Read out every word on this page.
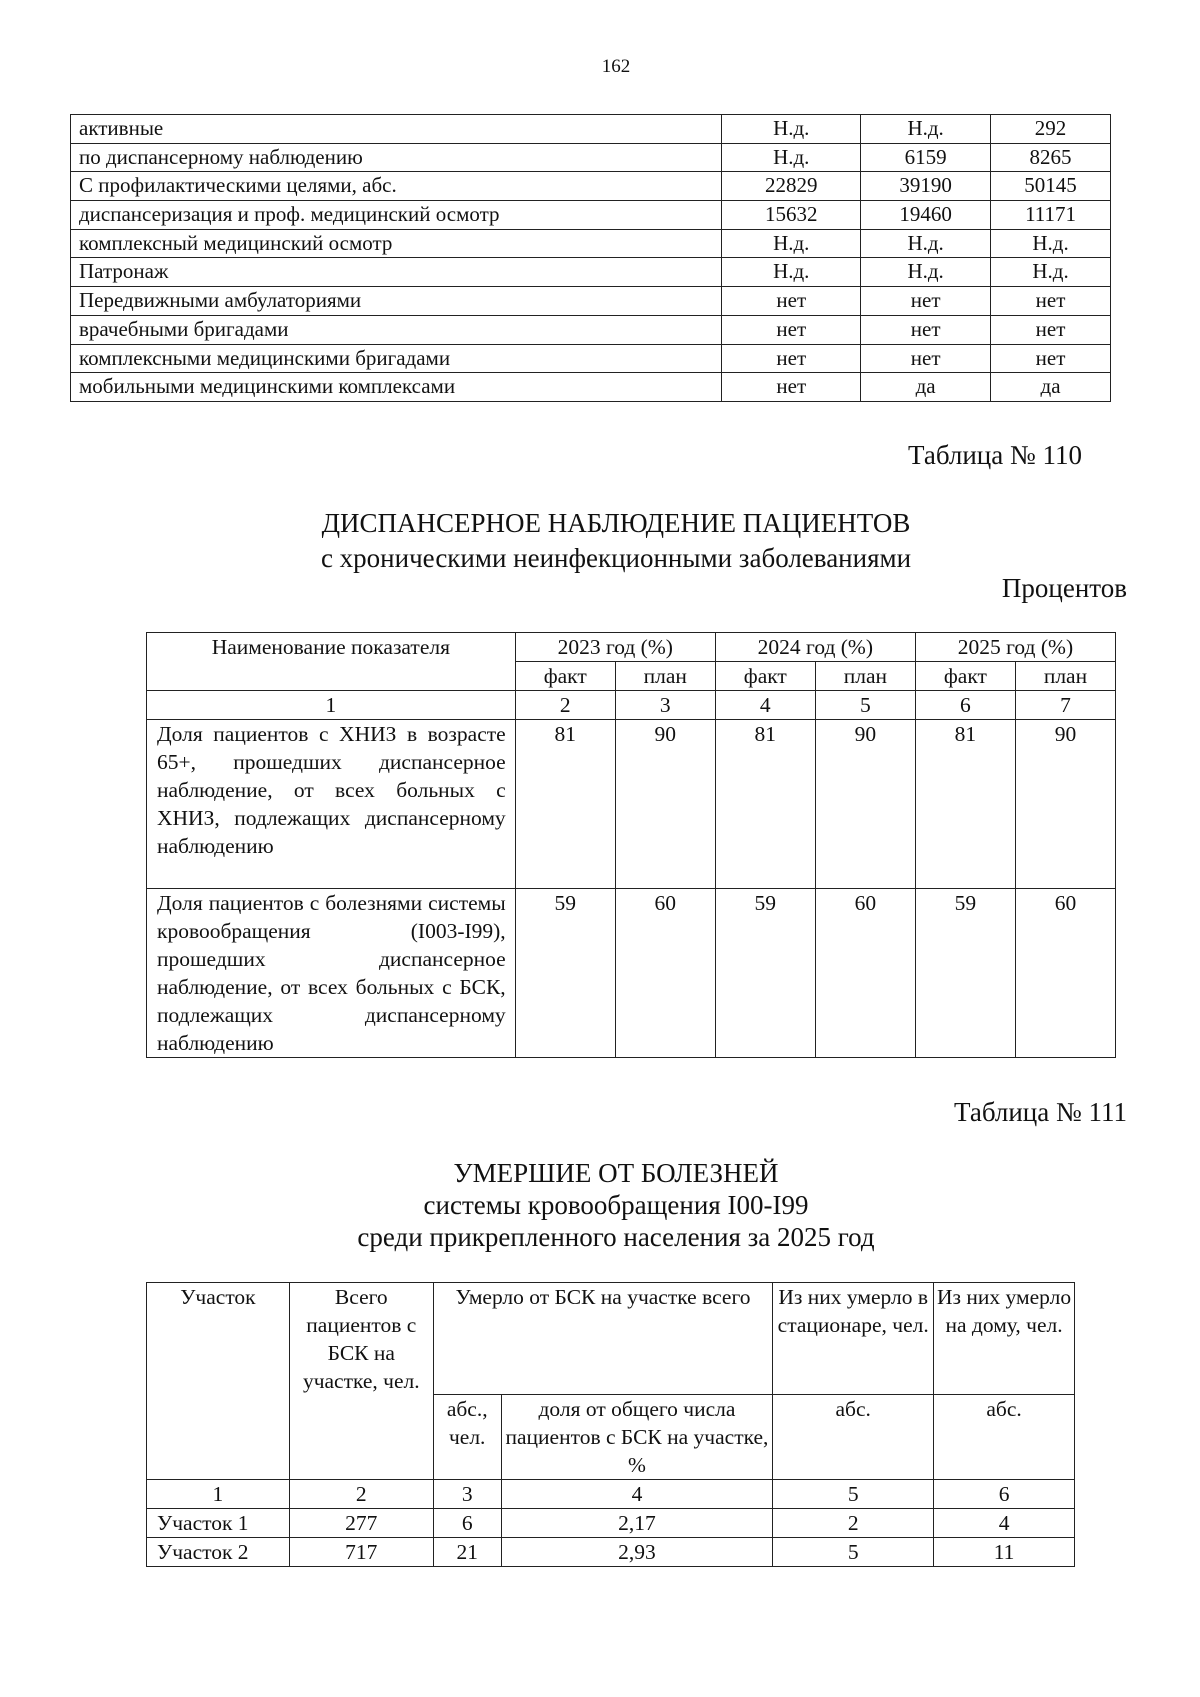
162
активные	Н.д.	Н.д.	292
по диспансерному наблюдению	Н.д.	6159	8265
С профилактическими целями, абс.	22829	39190	50145
диспансеризация и проф. медицинский осмотр	15632	19460	11171
комплексный медицинский осмотр	Н.д.	Н.д.	Н.д.
Патронаж	Н.д.	Н.д.	Н.д.
Передвижными амбулаториями	нет	нет	нет
врачебными бригадами	нет	нет	нет
комплексными медицинскими бригадами	нет	нет	нет
мобильными медицинскими комплексами	нет	да	да
Таблица № 110
ДИСПАНСЕРНОЕ НАБЛЮДЕНИЕ ПАЦИЕНТОВ
с хроническими неинфекционными заболеваниями
Процентов
Наименование показателя	2023 год (%)		2024 год (%)		2025 год (%)	
	факт	план	факт	план	факт	план
1	2	3	4	5	6	7
Доля пациентов с ХНИЗ в возрасте 65+, прошедших диспансерное наблюдение, от всех больных с ХНИЗ, подлежащих диспансерному наблюдению	81	90	81	90	81	90
Доля пациентов с болезнями системы кровообращения (I003-I99), прошедших диспансерное наблюдение, от всех больных с БСК, подлежащих диспансерному наблюдению	59	60	59	60	59	60
Таблица № 111
УМЕРШИЕ ОТ БОЛЕЗНЕЙ
системы кровообращения I00-I99
среди прикрепленного населения за 2025 год
Участок	Всего пациентов с БСК на участке, чел.	Умерло от БСК на участке всего		Из них умерло в стационаре, чел.	Из них умерло на дому, чел.
		абс., чел.	доля от общего числа пациентов с БСК на участке, %	абс.	абс.
1	2	3	4	5	6
Участок 1	277	6	2,17	2	4
Участок 2	717	21	2,93	5	11
